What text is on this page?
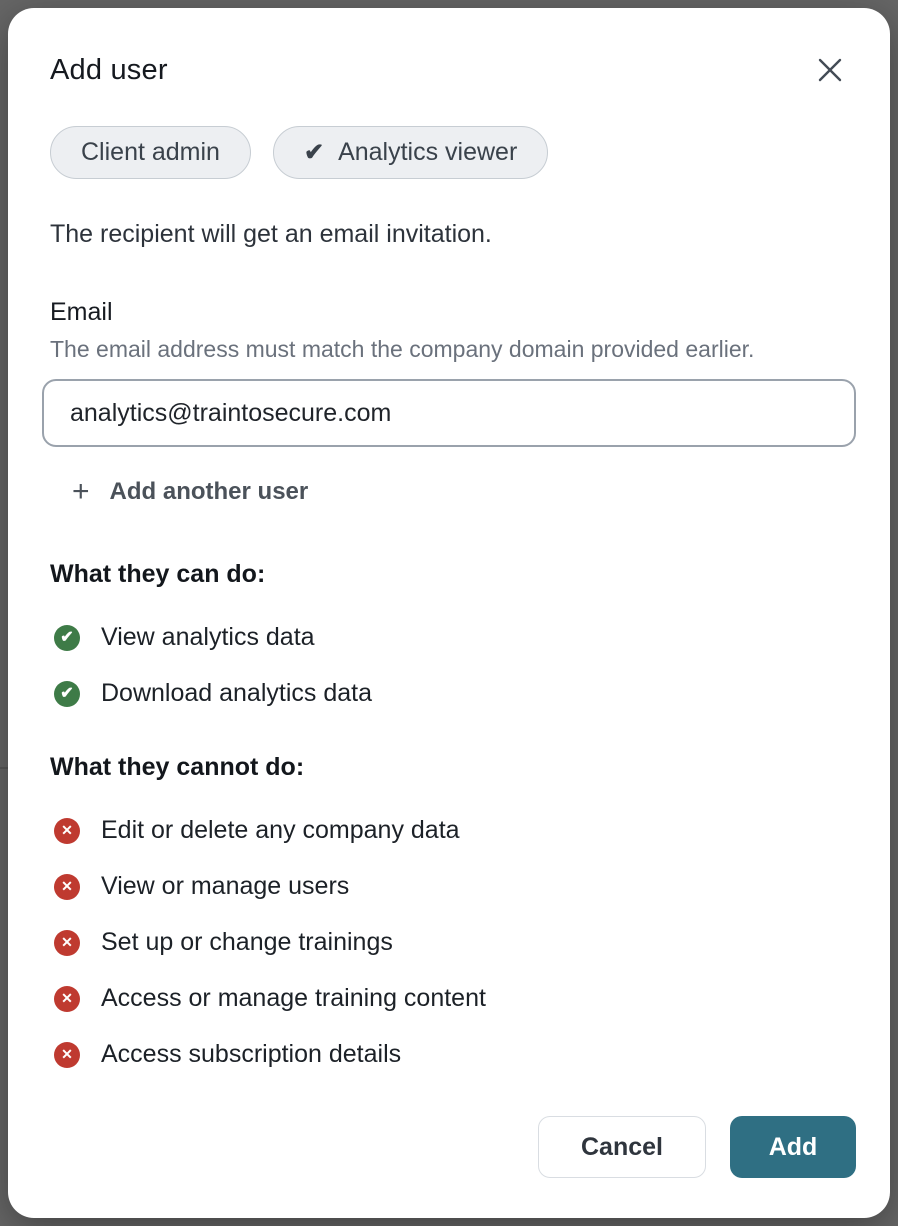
Add user
Client admin	✔ Analytics viewer
The recipient will get an email invitation.
Email
The email address must match the company domain provided earlier.
analytics@traintosecure.com
+ Add another user
What they can do:
✔ View analytics data
✔ Download analytics data
What they cannot do:
✕ Edit or delete any company data
✕ View or manage users
✕ Set up or change trainings
✕ Access or manage training content
✕ Access subscription details
Cancel	Add
